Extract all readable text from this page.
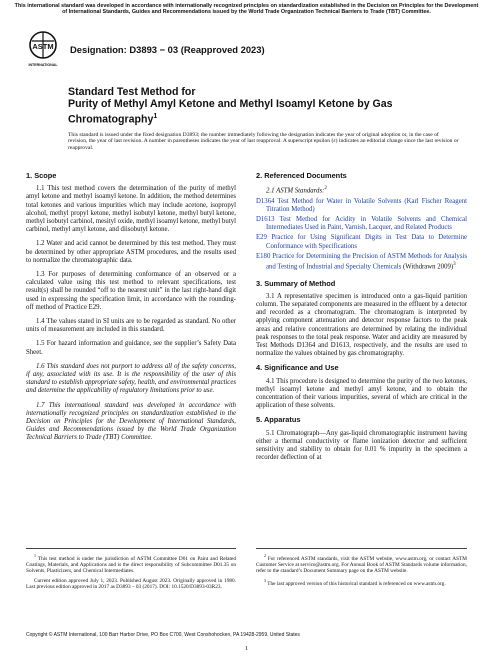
This international standard was developed in accordance with internationally recognized principles on standardization established in the Decision on Principles for the Development of International Standards, Guides and Recommendations issued by the World Trade Organization Technical Barriers to Trade (TBT) Committee.
ASTM
INTERNATIONAL
Designation: D3893 − 03 (Reapproved 2023)
Standard Test Method for
Purity of Methyl Amyl Ketone and Methyl Isoamyl Ketone by Gas Chromatography$^1$
This standard is issued under the fixed designation D3893; the number immediately following the designation indicates the year of original adoption or, in the case of revision, the year of last revision. A number in parentheses indicates the year of last reapproval. A superscript epsilon (ε) indicates an editorial change since the last revision or reapproval.
1. Scope

1.1 This test method covers the determination of the purity of methyl amyl ketone and methyl isoamyl ketone. In addition, the method determines total ketones and various impurities which may include acetone, isopropyl alcohol, methyl propyl ketone, methyl isobutyl ketone, methyl butyl ketone, methyl isobutyl carbinol, mesityl oxide, methyl isoamyl ketone, methyl butyl carbinol, methyl amyl ketone, and diisobutyl ketone.

1.2 Water and acid cannot be determined by this test method. They must be determined by other appropriate ASTM procedures, and the results used to normalize the chromatographic data.

1.3 For purposes of determining conformance of an observed or a calculated value using this test method to relevant specifications, test result(s) shall be rounded “off to the nearest unit” in the last right-hand digit used in expressing the specification limit, in accordance with the rounding-off method of Practice E29.

1.4 The values stated in SI units are to be regarded as standard. No other units of measurement are included in this standard.

1.5 For hazard information and guidance, see the supplier’s Safety Data Sheet.

1.6 This standard does not purport to address all of the safety concerns, if any, associated with its use. It is the responsibility of the user of this standard to establish appropriate safety, health, and environmental practices and determine the applicability of regulatory limitations prior to use.

1.7 This international standard was developed in accordance with internationally recognized principles on standardization established in the Decision on Principles for the Development of International Standards, Guides and Recommendations issued by the World Trade Organization Technical Barriers to Trade (TBT) Committee.

2. Referenced Documents

2.1 ASTM Standards:$^2$

D1364 Test Method for Water in Volatile Solvents (Karl Fischer Reagent Titration Method)
D1613 Test Method for Acidity in Volatile Solvents and Chemical Intermediates Used in Paint, Varnish, Lacquer, and Related Products
E29 Practice for Using Significant Digits in Test Data to Determine Conformance with Specifications
E180 Practice for Determining the Precision of ASTM Methods for Analysis and Testing of Industrial and Specialty Chemicals (Withdrawn 2009)$^3$
3. Summary of Method

3.1 A representative specimen is introduced onto a gas-liquid partition column. The separated components are measured in the effluent by a detector and recorded as a chromatogram. The chromatogram is interpreted by applying component attenuation and detector response factors to the peak areas and relative concentrations are determined by relating the individual peak responses to the total peak response. Water and acidity are measured by Test Methods D1364 and D1613, respectively, and the results are used to normalize the values obtained by gas chromatography.

4. Significance and Use

4.1 This procedure is designed to determine the purity of the two ketones, methyl isoamyl ketone and methyl amyl ketone, and to obtain the concentration of their various impurities, several of which are critical in the application of these solvents.

5. Apparatus

5.1 Chromatograph—Any gas-liquid chromatographic instrument having either a thermal conductivity or flame ionization detector and sufficient sensitivity and stability to obtain for 0.01 % impurity in the specimen a recorder deflection of at

$^1$ This test method is under the jurisdiction of ASTM Committee D01 on Paint and Related Coatings, Materials, and Applications and is the direct responsibility of Subcommittee D01.35 on Solvents, Plasticizers, and Chemical Intermediates.

Current edition approved July 1, 2023. Published August 2023. Originally approved in 1980. Last previous edition approved in 2017 as D3893 – 03 (2017). DOI: 10.1520/D3893-03R23.

$^2$ For referenced ASTM standards, visit the ASTM website, www.astm.org, or contact ASTM Customer Service at service@astm.org. For Annual Book of ASTM Standards volume information, refer to the standard’s Document Summary page on the ASTM website.

$^3$ The last approved version of this historical standard is referenced on www.astm.org.

Copyright © ASTM International, 100 Barr Harbor Drive, PO Box C700, West Conshohocken, PA 19428-2959. United States
1
